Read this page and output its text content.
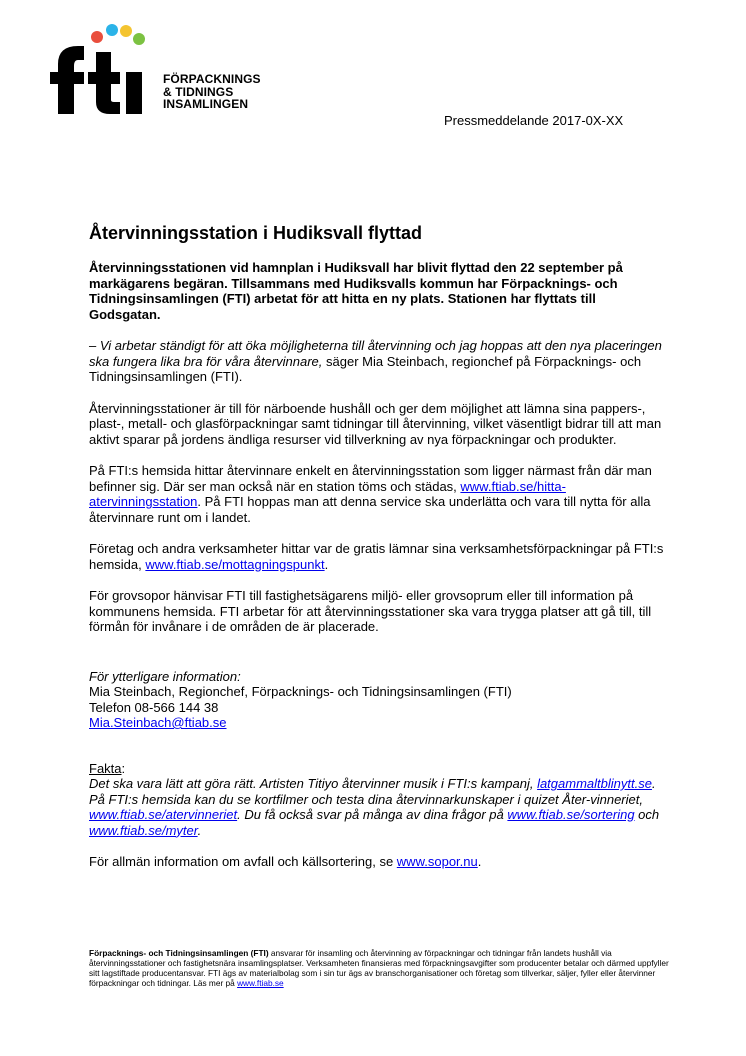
FÖRPACKNINGS
& TIDNINGS
INSAMLINGEN
Pressmeddelande 2017-0X-XX
Återvinningsstation i Hudiksvall flyttad

Återvinningsstationen vid hamnplan i Hudiksvall har blivit flyttad den 22 september på markägarens begäran. Tillsammans med Hudiksvalls kommun har Förpacknings- och Tidningsinsamlingen (FTI) arbetat för att hitta en ny plats. Stationen har flyttats till Godsgatan.

– Vi arbetar ständigt för att öka möjligheterna till återvinning och jag hoppas att den nya placeringen ska fungera lika bra för våra återvinnare, säger Mia Steinbach, regionchef på Förpacknings- och Tidningsinsamlingen (FTI).

Återvinningsstationer är till för närboende hushåll och ger dem möjlighet att lämna sina pappers-, plast-, metall- och glasförpackningar samt tidningar till återvinning, vilket väsentligt bidrar till att man aktivt sparar på jordens ändliga resurser vid tillverkning av nya förpackningar och produkter.

På FTI:s hemsida hittar återvinnare enkelt en återvinningsstation som ligger närmast från där man befinner sig. Där ser man också när en station töms och städas, www.ftiab.se/hitta-atervinningsstation. På FTI hoppas man att denna service ska underlätta och vara till nytta för alla återvinnare runt om i landet.

Företag och andra verksamheter hittar var de gratis lämnar sina verksamhetsförpackningar på FTI:s hemsida, www.ftiab.se/mottagningspunkt.

För grovsopor hänvisar FTI till fastighetsägarens miljö- eller grovsoprum eller till information på kommunens hemsida. FTI arbetar för att återvinningsstationer ska vara trygga platser att gå till, till förmån för invånare i de områden de är placerade.

För ytterligare information:
Mia Steinbach, Regionchef, Förpacknings- och Tidningsinsamlingen (FTI)
Telefon 08-566 144 38
Mia.Steinbach@ftiab.se
Fakta:
Det ska vara lätt att göra rätt. Artisten Titiyo återvinner musik i FTI:s kampanj, latgammaltblinytt.se. På FTI:s hemsida kan du se kortfilmer och testa dina återvinnarkunskaper i quizet Åter-vinneriet, www.ftiab.se/atervinneriet. Du få också svar på många av dina frågor på www.ftiab.se/sortering och www.ftiab.se/myter.

För allmän information om avfall och källsortering, se www.sopor.nu.

Förpacknings- och Tidningsinsamlingen (FTI) ansvarar för insamling och återvinning av förpackningar och tidningar från landets hushåll via återvinningsstationer och fastighetsnära insamlingsplatser. Verksamheten finansieras med förpackningsavgifter som producenter betalar och därmed uppfyller sitt lagstiftade producentansvar. FTI ägs av materialbolag som i sin tur ägs av branschorganisationer och företag som tillverkar, säljer, fyller eller återvinner förpackningar och tidningar. Läs mer på www.ftiab.se
